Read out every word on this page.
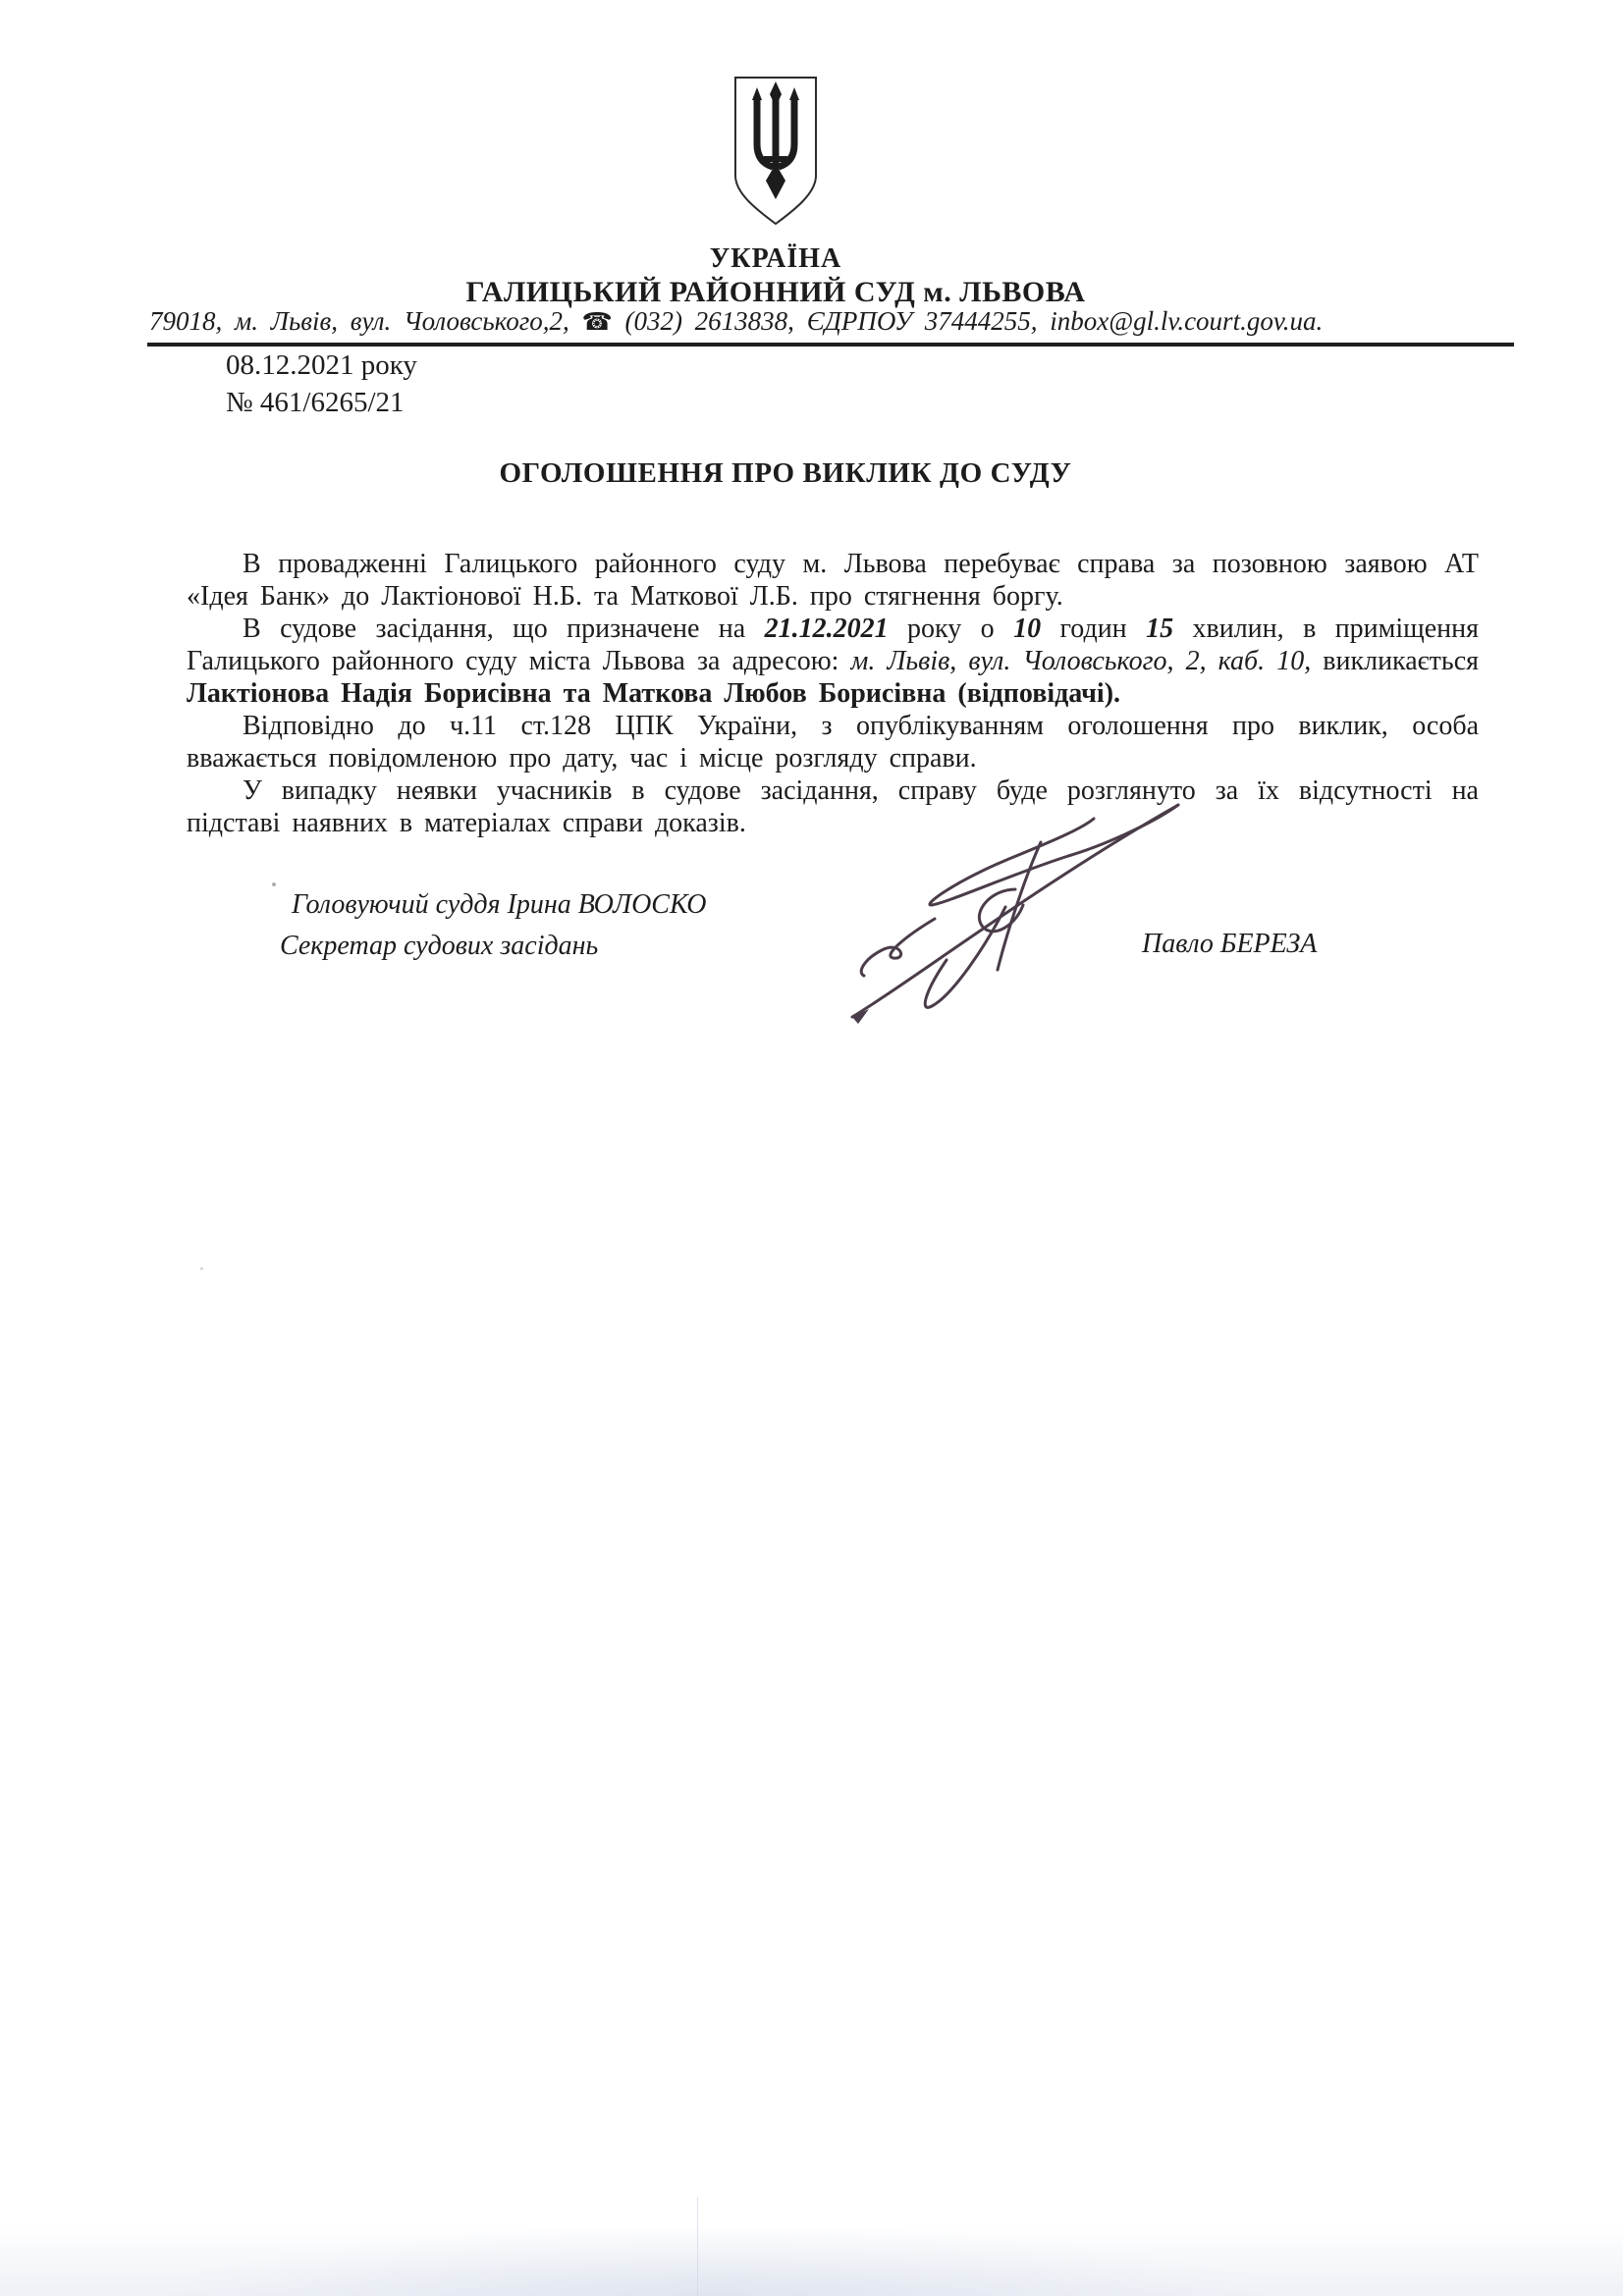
УКРАЇНА
ГАЛИЦЬКИЙ РАЙОННИЙ СУД м. ЛЬВОВА
79018, м. Львів, вул. Чоловського,2, ☎ (032) 2613838, ЄДРПОУ 37444255, inbox@gl.lv.court.gov.ua.
08.12.2021 року
№ 461/6265/21
ОГОЛОШЕННЯ ПРО ВИКЛИК ДО СУДУ

В провадженні Галицького районного суду м. Львова перебуває справа за позовною заявою АТ «Ідея Банк» до Лактіонової Н.Б. та Маткової Л.Б. про стягнення боргу.

В судове засідання, що призначене на 21.12.2021 року о 10 годин 15 хвилин, в приміщення Галицького районного суду міста Львова за адресою: м. Львів, вул. Чоловського, 2, каб. 10, викликається Лактіонова Надія Борисівна та Маткова Любов Борисівна (відповідачі).

Відповідно до ч.11 ст.128 ЦПК України, з опублікуванням оголошення про виклик, особа вважається повідомленою про дату, час і місце розгляду справи.

У випадку неявки учасників в судове засідання, справу буде розглянуто за їх відсутності на підставі наявних в матеріалах справи доказів.

Головуючий суддя Ірина ВОЛОСКО
Секретар судових засідань	Павло БЕРЕЗА
